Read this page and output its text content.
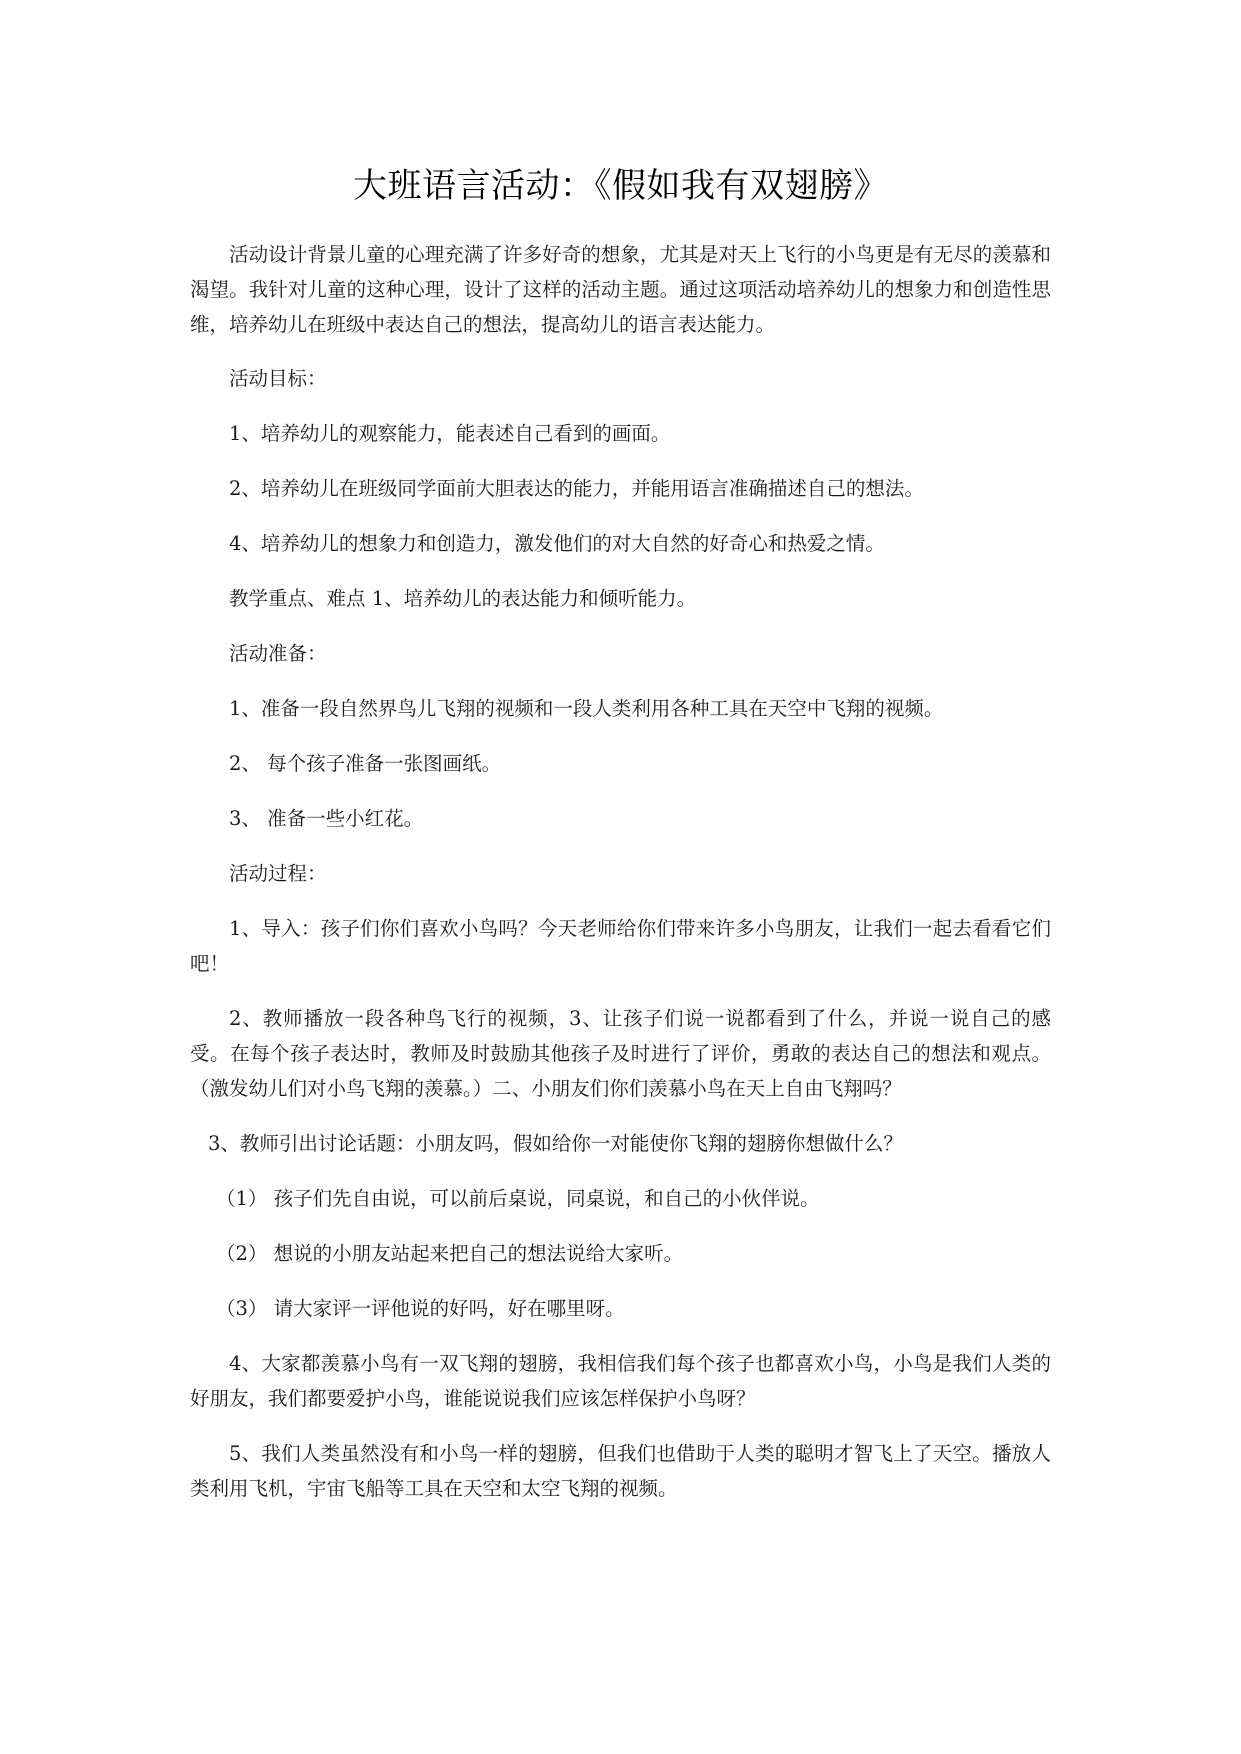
大班语言活动：《假如我有双翅膀》

活动设计背景儿童的心理充满了许多好奇的想象，尤其是对天上飞行的小鸟更是有无尽的羡慕和渴望。我针对儿童的这种心理，设计了这样的活动主题。通过这项活动培养幼儿的想象力和创造性思维，培养幼儿在班级中表达自己的想法，提高幼儿的语言表达能力。

活动目标：

1、培养幼儿的观察能力，能表述自己看到的画面。

2、培养幼儿在班级同学面前大胆表达的能力，并能用语言准确描述自己的想法。

4、培养幼儿的想象力和创造力，激发他们的对大自然的好奇心和热爱之情。

教学重点、难点 1、培养幼儿的表达能力和倾听能力。

活动准备：

1、准备一段自然界鸟儿飞翔的视频和一段人类利用各种工具在天空中飞翔的视频。

2、 每个孩子准备一张图画纸。

3、 准备一些小红花。

活动过程：

1、导入：孩子们你们喜欢小鸟吗？今天老师给你们带来许多小鸟朋友，让我们一起去看看它们吧！

2、教师播放一段各种鸟飞行的视频，3、让孩子们说一说都看到了什么，并说一说自己的感受。在每个孩子表达时，教师及时鼓励其他孩子及时进行了评价，勇敢的表达自己的想法和观点。（激发幼儿们对小鸟飞翔的羡慕。）二、小朋友们你们羡慕小鸟在天上自由飞翔吗？

3、教师引出讨论话题：小朋友吗，假如给你一对能使你飞翔的翅膀你想做什么？

（1） 孩子们先自由说，可以前后桌说，同桌说，和自己的小伙伴说。

（2） 想说的小朋友站起来把自己的想法说给大家听。

（3） 请大家评一评他说的好吗，好在哪里呀。

4、大家都羡慕小鸟有一双飞翔的翅膀，我相信我们每个孩子也都喜欢小鸟，小鸟是我们人类的好朋友，我们都要爱护小鸟，谁能说说我们应该怎样保护小鸟呀？

5、我们人类虽然没有和小鸟一样的翅膀，但我们也借助于人类的聪明才智飞上了天空。播放人类利用飞机，宇宙飞船等工具在天空和太空飞翔的视频。
